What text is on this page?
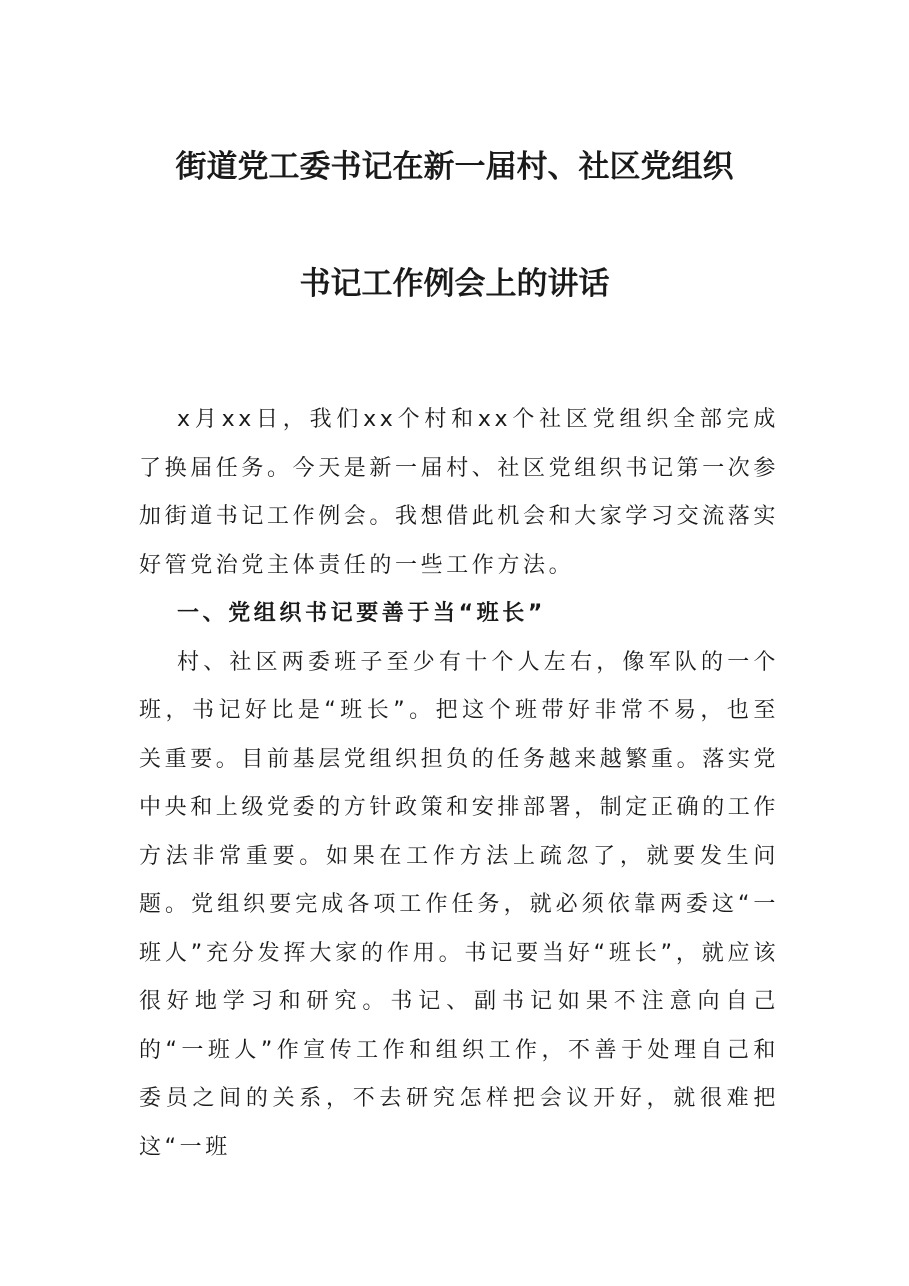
街道党工委书记在新一届村、社区党组织
书记工作例会上的讲话

x月xx日，我们xx个村和xx个社区党组织全部完成了换届任务。今天是新一届村、社区党组织书记第一次参加街道书记工作例会。我想借此机会和大家学习交流落实好管党治党主体责任的一些工作方法。

一、党组织书记要善于当“班长”

村、社区两委班子至少有十个人左右，像军队的一个班，书记好比是“班长”。把这个班带好非常不易，也至关重要。目前基层党组织担负的任务越来越繁重。落实党中央和上级党委的方针政策和安排部署，制定正确的工作方法非常重要。如果在工作方法上疏忽了，就要发生问题。党组织要完成各项工作任务，就必须依靠两委这“一班人”充分发挥大家的作用。书记要当好“班长”，就应该很好地学习和研究。书记、副书记如果不注意向自己的“一班人”作宣传工作和组织工作，不善于处理自己和委员之间的关系，不去研究怎样把会议开好，就很难把这“一班
